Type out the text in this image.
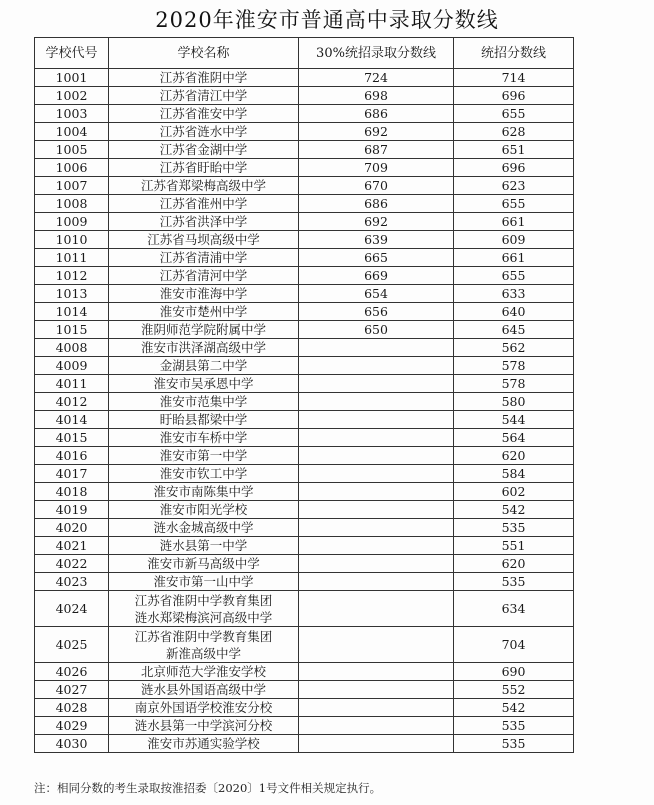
2020年淮安市普通高中录取分数线
学校代号	学校名称	30%统招录取分数线	统招分数线
1001	江苏省淮阴中学	724	714
1002	江苏省清江中学	698	696
1003	江苏省淮安中学	686	655
1004	江苏省涟水中学	692	628
1005	江苏省金湖中学	687	651
1006	江苏省盱眙中学	709	696
1007	江苏省郑梁梅高级中学	670	623
1008	江苏省淮州中学	686	655
1009	江苏省洪泽中学	692	661
1010	江苏省马坝高级中学	639	609
1011	江苏省清浦中学	665	661
1012	江苏省清河中学	669	655
1013	淮安市淮海中学	654	633
1014	淮安市楚州中学	656	640
1015	淮阴师范学院附属中学	650	645
4008	淮安市洪泽湖高级中学		562
4009	金湖县第二中学		578
4011	淮安市吴承恩中学		578
4012	淮安市范集中学		580
4014	盱眙县都梁中学		544
4015	淮安市车桥中学		564
4016	淮安市第一中学		620
4017	淮安市钦工中学		584
4018	淮安市南陈集中学		602
4019	淮安市阳光学校		542
4020	涟水金城高级中学		535
4021	涟水县第一中学		551
4022	淮安市新马高级中学		620
4023	淮安市第一山中学		535
4024	江苏省淮阴中学教育集团
涟水郑梁梅滨河高级中学		634
4025	江苏省淮阴中学教育集团
新淮高级中学		704
4026	北京师范大学淮安学校		690
4027	涟水县外国语高级中学		552
4028	南京外国语学校淮安分校		542
4029	涟水县第一中学滨河分校		535
4030	淮安市苏通实验学校		535
注：相同分数的考生录取按淮招委〔2020〕1号文件相关规定执行。
